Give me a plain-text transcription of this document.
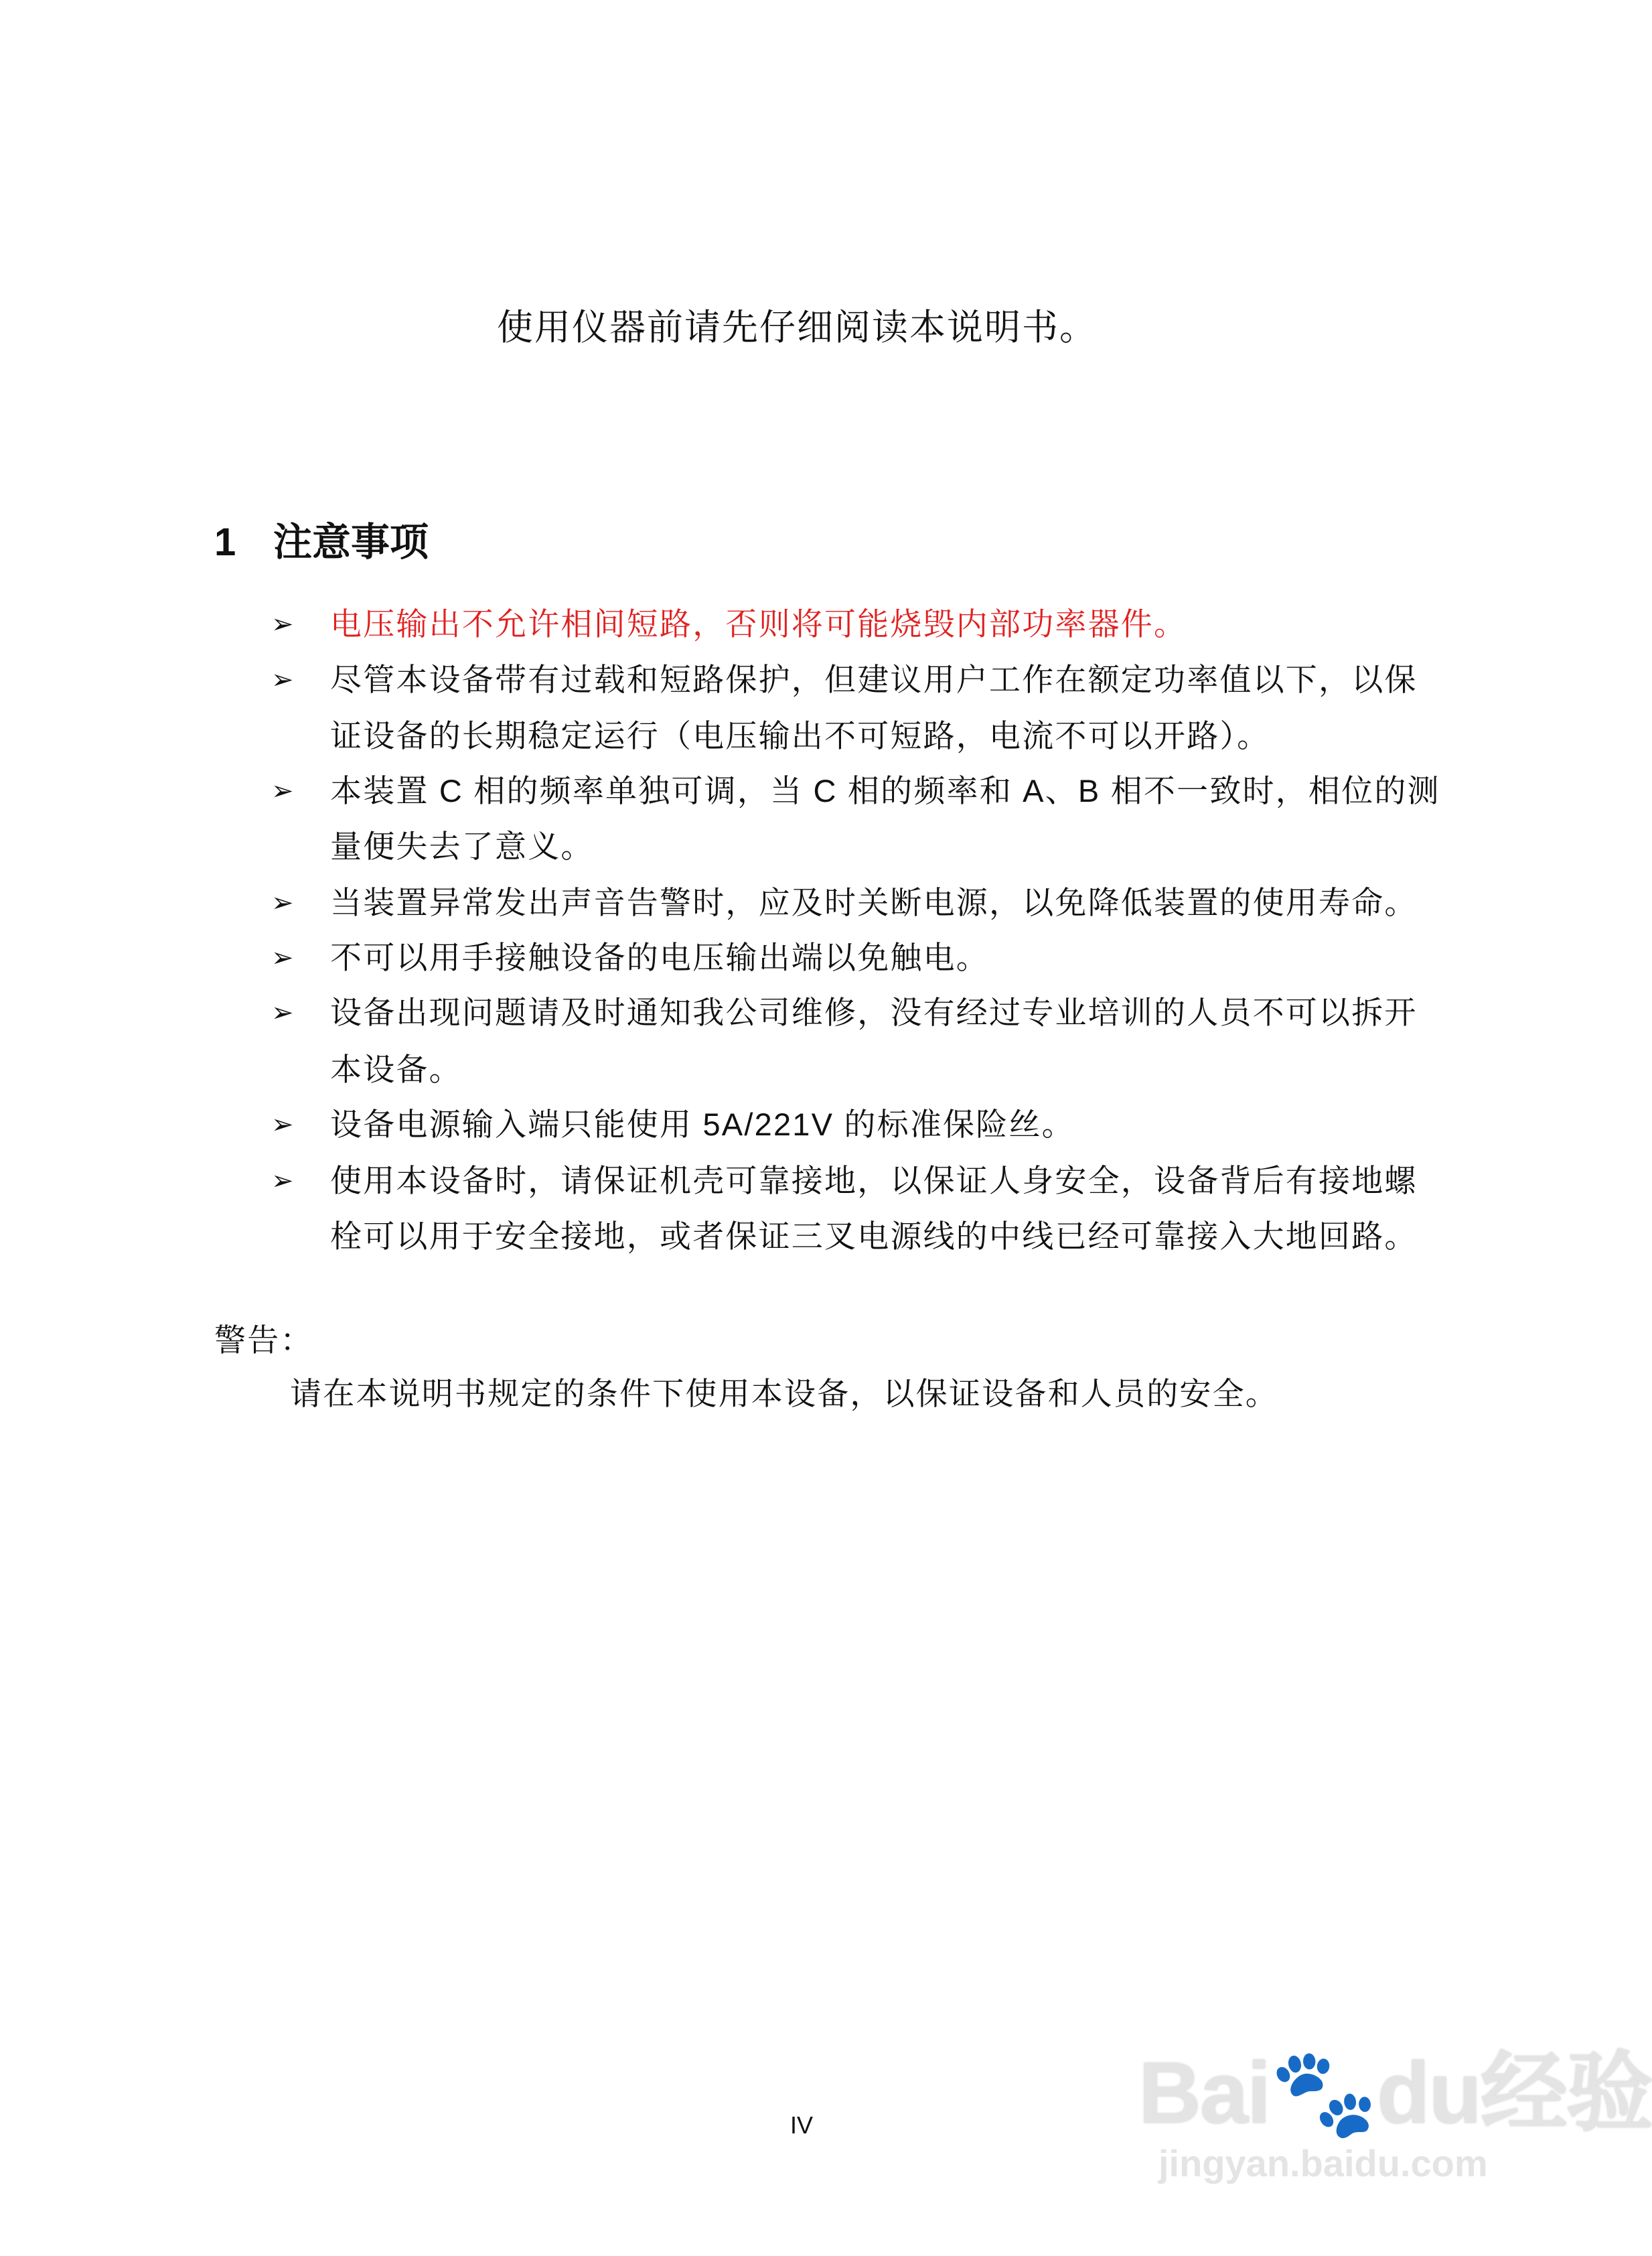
使用仪器前请先仔细阅读本说明书。
1 注意事项
➢ 电压输出不允许相间短路，否则将可能烧毁内部功率器件。
➢ 尽管本设备带有过载和短路保护，但建议用户工作在额定功率值以下，以保
证设备的长期稳定运行（电压输出不可短路，电流不可以开路）。
➢ 本装置 C 相的频率单独可调，当 C 相的频率和 A、B 相不一致时，相位的测
量便失去了意义。
➢ 当装置异常发出声音告警时，应及时关断电源，以免降低装置的使用寿命。
➢ 不可以用手接触设备的电压输出端以免触电。
➢ 设备出现问题请及时通知我公司维修，没有经过专业培训的人员不可以拆开
本设备。
➢ 设备电源输入端只能使用 5A/221V 的标准保险丝。
➢ 使用本设备时，请保证机壳可靠接地，以保证人身安全，设备背后有接地螺
栓可以用于安全接地，或者保证三叉电源线的中线已经可靠接入大地回路。
警告：
请在本说明书规定的条件下使用本设备，以保证设备和人员的安全。
IV	Bai🐾du经验
jingyan.baidu.com
